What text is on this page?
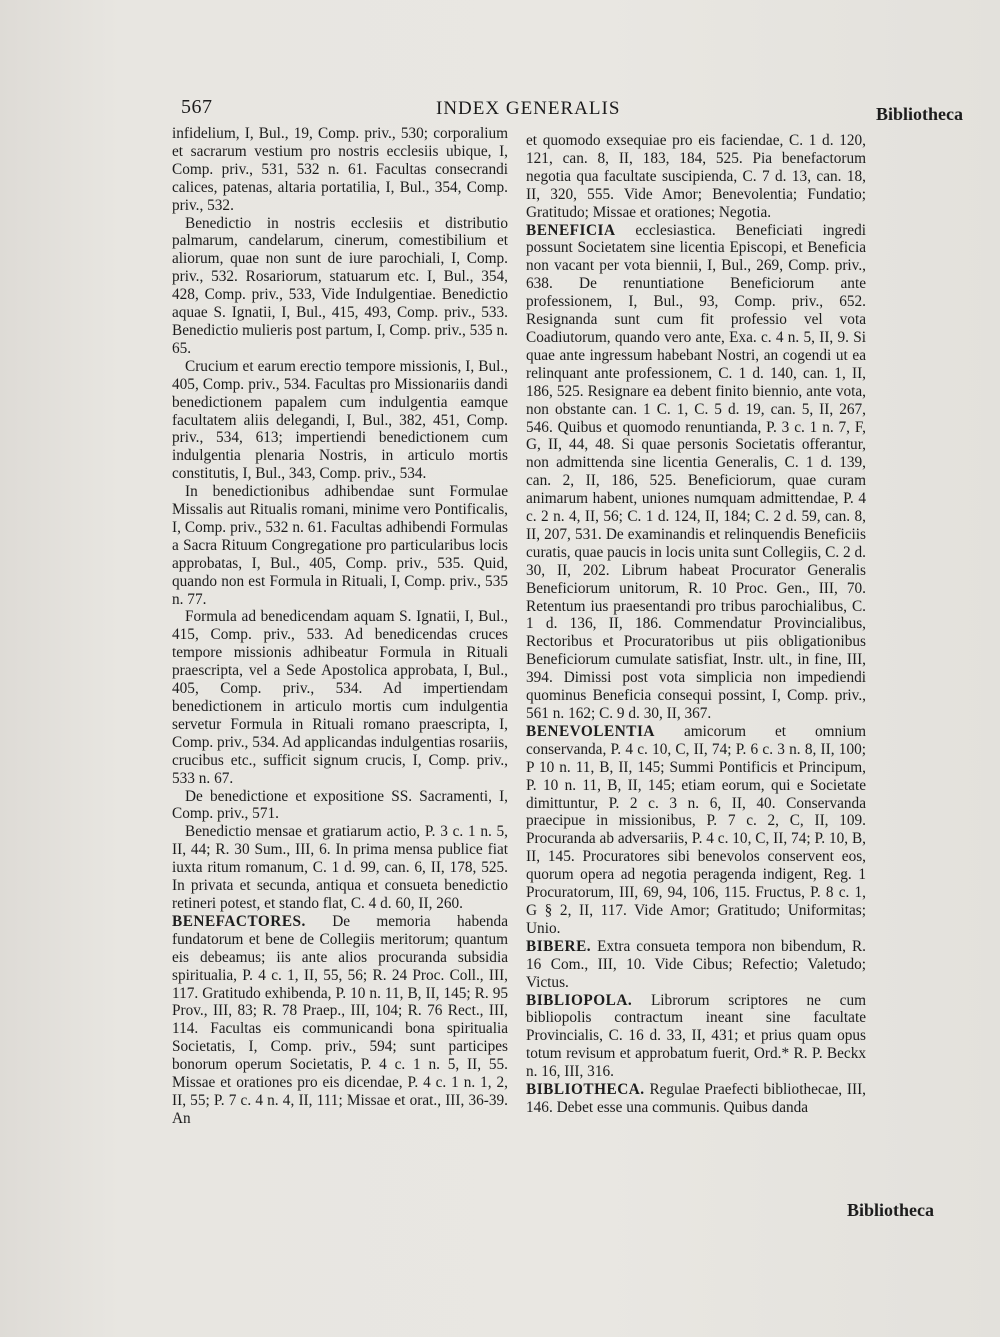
567	INDEX GENERALIS	Bibliotheca

infidelium, I, Bul., 19, Comp. priv., 530; corporalium et sacrarum vestium pro nostris ecclesiis ubique, I, Comp. priv., 531, 532 n. 61. Facultas consecrandi calices, patenas, altaria portatilia, I, Bul., 354, Comp. priv., 532.

Benedictio in nostris ecclesiis et distributio palmarum, candelarum, cinerum, comestibilium et aliorum, quae non sunt de iure parochiali, I, Comp. priv., 532. Rosariorum, statuarum etc. I, Bul., 354, 428, Comp. priv., 533, Vide Indulgentiae. Benedictio aquae S. Ignatii, I, Bul., 415, 493, Comp. priv., 533. Benedictio mulieris post partum, I, Comp. priv., 535 n. 65.

Crucium et earum erectio tempore missionis, I, Bul., 405, Comp. priv., 534. Facultas pro Missionariis dandi benedictionem papalem cum indulgentia eamque facultatem aliis delegandi, I, Bul., 382, 451, Comp. priv., 534, 613; impertiendi benedictionem cum indulgentia plenaria Nostris, in articulo mortis constitutis, I, Bul., 343, Comp. priv., 534.

In benedictionibus adhibendae sunt Formulae Missalis aut Ritualis romani, minime vero Pontificalis, I, Comp. priv., 532 n. 61. Facultas adhibendi Formulas a Sacra Rituum Congregatione pro particularibus locis approbatas, I, Bul., 405, Comp. priv., 535. Quid, quando non est Formula in Rituali, I, Comp. priv., 535 n. 77.

Formula ad benedicendam aquam S. Ignatii, I, Bul., 415, Comp. priv., 533. Ad benedicendas cruces tempore missionis adhibeatur Formula in Rituali praescripta, vel a Sede Apostolica approbata, I, Bul., 405, Comp. priv., 534. Ad impertiendam benedictionem in articulo mortis cum indulgentia servetur Formula in Rituali romano praescripta, I, Comp. priv., 534. Ad applicandas indulgentias rosariis, crucibus etc., sufficit signum crucis, I, Comp. priv., 533 n. 67.

De benedictione et expositione SS. Sacramenti, I, Comp. priv., 571.

Benedictio mensae et gratiarum actio, P. 3 c. 1 n. 5, II, 44; R. 30 Sum., III, 6. In prima mensa publice fiat iuxta ritum romanum, C. 1 d. 99, can. 6, II, 178, 525. In privata et secunda, antiqua et consueta benedictio retineri potest, et stando flat, C. 4 d. 60, II, 260.

BENEFACTORES. De memoria habenda fundatorum et bene de Collegiis meritorum; quantum eis debeamus; iis ante alios procuranda subsidia spiritualia, P. 4 c. 1, II, 55, 56; R. 24 Proc. Coll., III, 117. Gratitudo exhibenda, P. 10 n. 11, B, II, 145; R. 95 Prov., III, 83; R. 78 Praep., III, 104; R. 76 Rect., III, 114. Facultas eis communicandi bona spiritualia Societatis, I, Comp. priv., 594; sunt participes bonorum operum Societatis, P. 4 c. 1 n. 5, II, 55. Missae et orationes pro eis dicendae, P. 4 c. 1 n. 1, 2, II, 55; P. 7 c. 4 n. 4, II, 111; Missae et orat., III, 36-39. An

et quomodo exsequiae pro eis faciendae, C. 1 d. 120, 121, can. 8, II, 183, 184, 525. Pia benefactorum negotia qua facultate suscipienda, C. 7 d. 13, can. 18, II, 320, 555. Vide Amor; Benevolentia; Fundatio; Gratitudo; Missae et orationes; Negotia.

BENEFICIA ecclesiastica. Beneficiati ingredi possunt Societatem sine licentia Episcopi, et Beneficia non vacant per vota biennii, I, Bul., 269, Comp. priv., 638. De renuntiatione Beneficiorum ante professionem, I, Bul., 93, Comp. priv., 652. Resignanda sunt cum fit professio vel vota Coadiutorum, quando vero ante, Exa. c. 4 n. 5, II, 9. Si quae ante ingressum habebant Nostri, an cogendi ut ea relinquant ante professionem, C. 1 d. 140, can. 1, II, 186, 525. Resignare ea debent finito biennio, ante vota, non obstante can. 1 C. 1, C. 5 d. 19, can. 5, II, 267, 546. Quibus et quomodo renuntianda, P. 3 c. 1 n. 7, F, G, II, 44, 48. Si quae personis Societatis offerantur, non admittenda sine licentia Generalis, C. 1 d. 139, can. 2, II, 186, 525. Beneficiorum, quae curam animarum habent, uniones numquam admittendae, P. 4 c. 2 n. 4, II, 56; C. 1 d. 124, II, 184; C. 2 d. 59, can. 8, II, 207, 531. De examinandis et relinquendis Beneficiis curatis, quae paucis in locis unita sunt Collegiis, C. 2 d. 30, II, 202. Librum habeat Procurator Generalis Beneficiorum unitorum, R. 10 Proc. Gen., III, 70. Retentum ius praesentandi pro tribus parochialibus, C. 1 d. 136, II, 186. Commendatur Provincialibus, Rectoribus et Procuratoribus ut piis obligationibus Beneficiorum cumulate satisfiat, Instr. ult., in fine, III, 394. Dimissi post vota simplicia non impediendi quominus Beneficia consequi possint, I, Comp. priv., 561 n. 162; C. 9 d. 30, II, 367.

BENEVOLENTIA amicorum et omnium conservanda, P. 4 c. 10, C, II, 74; P. 6 c. 3 n. 8, II, 100; P 10 n. 11, B, II, 145; Summi Pontificis et Principum, P. 10 n. 11, B, II, 145; etiam eorum, qui e Societate dimittuntur, P. 2 c. 3 n. 6, II, 40. Conservanda praecipue in missionibus, P. 7 c. 2, C, II, 109. Procuranda ab adversariis, P. 4 c. 10, C, II, 74; P. 10, B, II, 145. Procuratores sibi benevolos conservent eos, quorum opera ad negotia peragenda indigent, Reg. 1 Procuratorum, III, 69, 94, 106, 115. Fructus, P. 8 c. 1, G § 2, II, 117. Vide Amor; Gratitudo; Uniformitas; Unio.

BIBERE. Extra consueta tempora non bibendum, R. 16 Com., III, 10. Vide Cibus; Refectio; Valetudo; Victus.

BIBLIOPOLA. Librorum scriptores ne cum bibliopolis contractum ineant sine facultate Provincialis, C. 16 d. 33, II, 431; et prius quam opus totum revisum et approbatum fuerit, Ord.* R. P. Beckx n. 16, III, 316.

BIBLIOTHECA. Regulae Praefecti bibliothecae, III, 146. Debet esse una communis. Quibus danda

Bibliotheca
